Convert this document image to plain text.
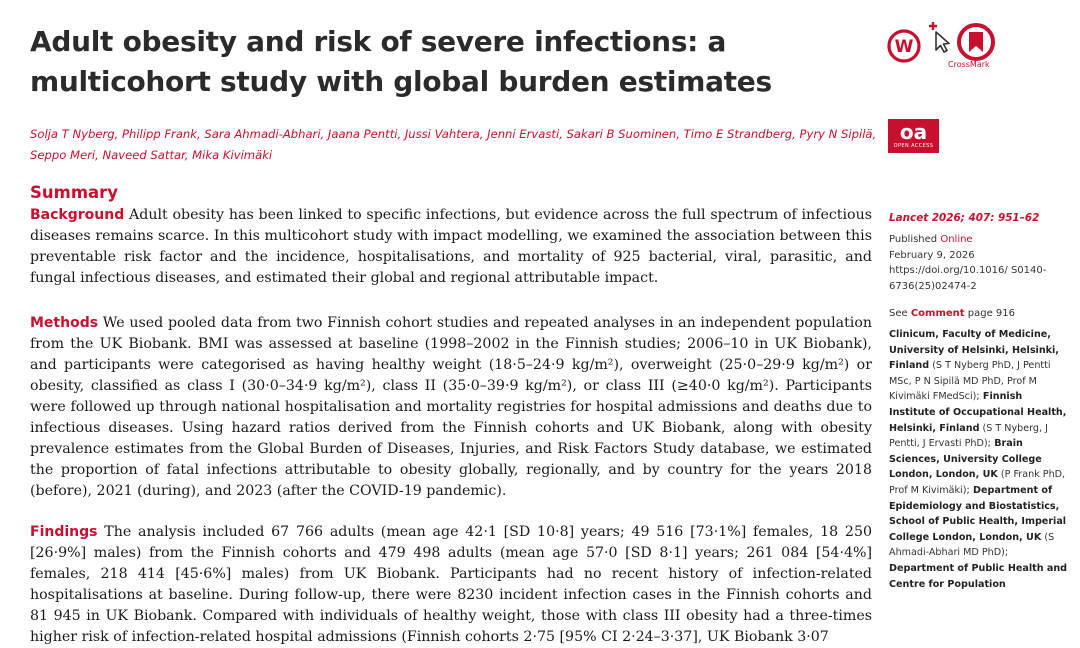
Adult obesity and risk of severe infections: a multicohort study with global burden estimates
W
CrossMark
Solja T Nyberg, Philipp Frank, Sara Ahmadi-Abhari, Jaana Pentti, Jussi Vahtera, Jenni Ervasti, Sakari B Suominen, Timo E Strandberg, Pyry N Sipilä, Seppo Meri, Naveed Sattar, Mika Kivimäki
oa
OPEN ACCESS
Summary

Background Adult obesity has been linked to specific infections, but evidence across the full spectrum of infectious diseases remains scarce. In this multicohort study with impact modelling, we examined the association between this preventable risk factor and the incidence, hospitalisations, and mortality of 925 bacterial, viral, parasitic, and fungal infectious diseases, and estimated their global and regional attributable impact.

Methods We used pooled data from two Finnish cohort studies and repeated analyses in an independent population from the UK Biobank. BMI was assessed at baseline (1998–2002 in the Finnish studies; 2006–10 in UK Biobank), and participants were categorised as having healthy weight (18·5–24·9 kg/m²), overweight (25·0–29·9 kg/m²) or obesity, classified as class I (30·0–34·9 kg/m²), class II (35·0–39·9 kg/m²), or class III (≥40·0 kg/m²). Participants were followed up through national hospitalisation and mortality registries for hospital admissions and deaths due to infectious diseases. Using hazard ratios derived from the Finnish cohorts and UK Biobank, along with obesity prevalence estimates from the Global Burden of Diseases, Injuries, and Risk Factors Study database, we estimated the proportion of fatal infections attributable to obesity globally, regionally, and by country for the years 2018 (before), 2021 (during), and 2023 (after the COVID-19 pandemic).

Findings The analysis included 67 766 adults (mean age 42·1 [SD 10·8] years; 49 516 [73·1%] females, 18 250 [26·9%] males) from the Finnish cohorts and 479 498 adults (mean age 57·0 [SD 8·1] years; 261 084 [54·4%] females, 218 414 [45·6%] males) from UK Biobank. Participants had no recent history of infection-related hospitalisations at baseline. During follow-up, there were 8230 incident infection cases in the Finnish cohorts and 81 945 in UK Biobank. Compared with individuals of healthy weight, those with class III obesity had a three-times higher risk of infection-related hospital admissions (Finnish cohorts 2·75 [95% CI 2·24–3·37], UK Biobank 3·07

Lancet 2026; 407: 951–62
Published Online
February 9, 2026
https://doi.org/10.1016/ S0140-6736(25)02474-2
See Comment page 916
Clinicum, Faculty of Medicine, University of Helsinki, Helsinki, Finland (S T Nyberg PhD, J Pentti MSc, P N Sipilä MD PhD, Prof M Kivimäki FMedSci); Finnish Institute of Occupational Health, Helsinki, Finland (S T Nyberg, J Pentti, J Ervasti PhD); Brain Sciences, University College London, London, UK (P Frank PhD, Prof M Kivimäki); Department of Epidemiology and Biostatistics, School of Public Health, Imperial College London, London, UK (S Ahmadi-Abhari MD PhD); Department of Public Health and Centre for Population
